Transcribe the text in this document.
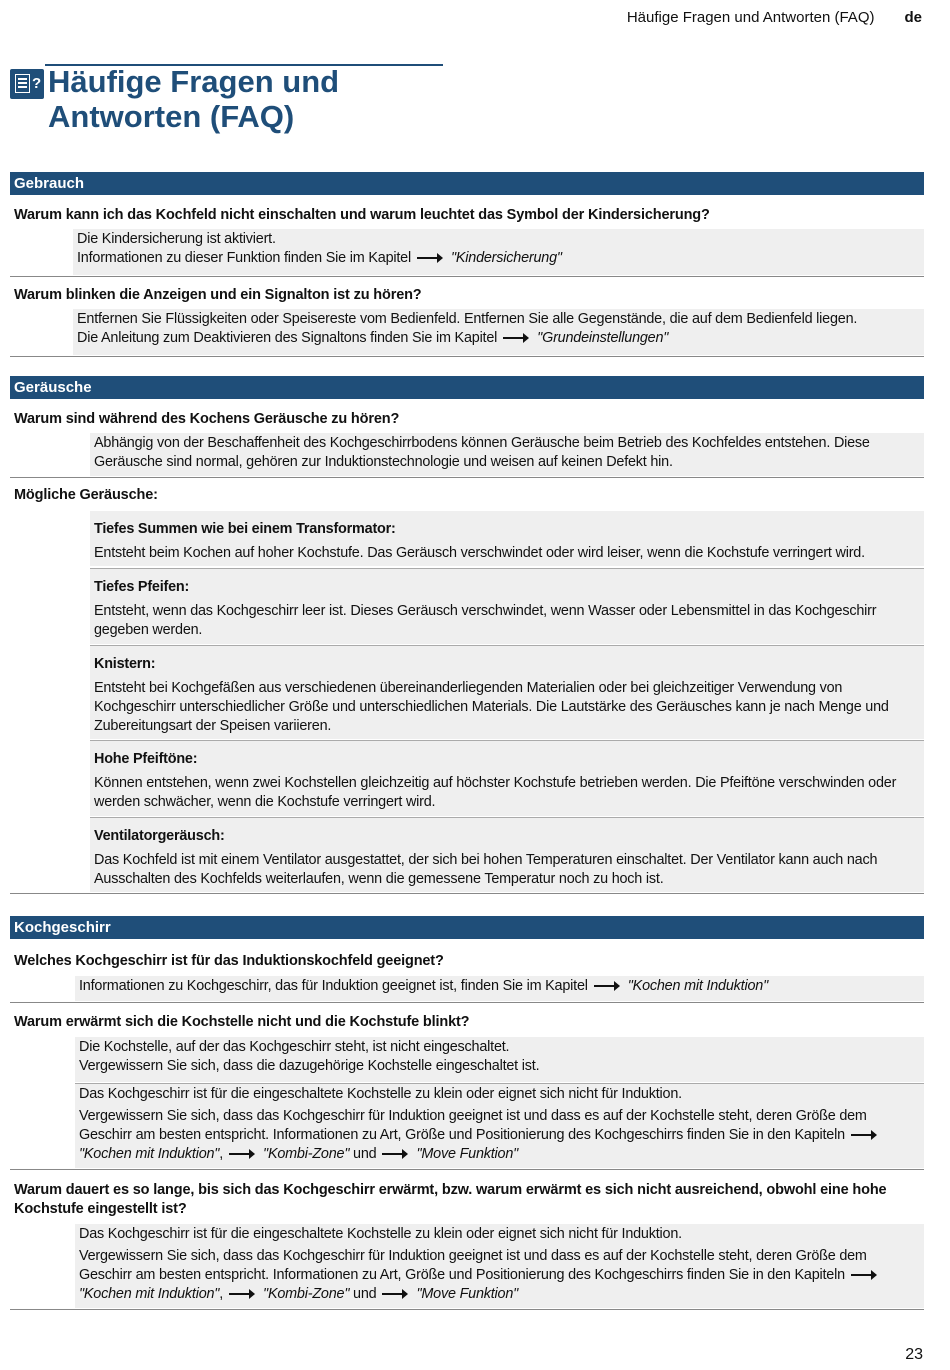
Häufige Fragen und Antworten (FAQ) de
? Häufige Fragen und
Antworten (FAQ)
Gebrauch
Warum kann ich das Kochfeld nicht einschalten und warum leuchtet das Symbol der Kindersicherung?

Die Kindersicherung ist aktiviert.

Informationen zu dieser Funktion finden Sie im Kapitel	"Kindersicherung"

Warum blinken die Anzeigen und ein Signalton ist zu hören?

Entfernen Sie Flüssigkeiten oder Speisereste vom Bedienfeld. Entfernen Sie alle Gegenstände, die auf dem Bedienfeld liegen.

Die Anleitung zum Deaktivieren des Signaltons finden Sie im Kapitel	"Grundeinstellungen"

Geräusche
Warum sind während des Kochens Geräusche zu hören?

Abhängig von der Beschaffenheit des Kochgeschirrbodens können Geräusche beim Betrieb des Kochfeldes entstehen. Diese Geräusche sind normal, gehören zur Induktionstechnologie und weisen auf keinen Defekt hin.

Mögliche Geräusche:

Tiefes Summen wie bei einem Transformator:

Entsteht beim Kochen auf hoher Kochstufe. Das Geräusch verschwindet oder wird leiser, wenn die Kochstufe verringert wird.

Tiefes Pfeifen:

Entsteht, wenn das Kochgeschirr leer ist. Dieses Geräusch verschwindet, wenn Wasser oder Lebensmittel in das Kochgeschirr gegeben werden.

Knistern:

Entsteht bei Kochgefäßen aus verschiedenen übereinanderliegenden Materialien oder bei gleichzeitiger Verwendung von Kochgeschirr unterschiedlicher Größe und unterschiedlichen Materials. Die Lautstärke des Geräusches kann je nach Menge und Zubereitungsart der Speisen variieren.

Hohe Pfeiftöne:

Können entstehen, wenn zwei Kochstellen gleichzeitig auf höchster Kochstufe betrieben werden. Die Pfeiftöne verschwinden oder werden schwächer, wenn die Kochstufe verringert wird.

Ventilatorgeräusch:

Das Kochfeld ist mit einem Ventilator ausgestattet, der sich bei hohen Temperaturen einschaltet. Der Ventilator kann auch nach Ausschalten des Kochfelds weiterlaufen, wenn die gemessene Temperatur noch zu hoch ist.

Kochgeschirr
Welches Kochgeschirr ist für das Induktionskochfeld geeignet?

Informationen zu Kochgeschirr, das für Induktion geeignet ist, finden Sie im Kapitel	"Kochen mit Induktion"

Warum erwärmt sich die Kochstelle nicht und die Kochstufe blinkt?

Die Kochstelle, auf der das Kochgeschirr steht, ist nicht eingeschaltet.

Vergewissern Sie sich, dass die dazugehörige Kochstelle eingeschaltet ist.

Das Kochgeschirr ist für die eingeschaltete Kochstelle zu klein oder eignet sich nicht für Induktion.

Vergewissern Sie sich, dass das Kochgeschirr für Induktion geeignet ist und dass es auf der Kochstelle steht, deren Größe dem Geschirr am besten entspricht. Informationen zu Art, Größe und Positionierung des Kochgeschirrs finden Sie in den Kapiteln"Kochen mit Induktion",	"Kombi-Zone" und	"Move Funktion"

Warum dauert es so lange, bis sich das Kochgeschirr erwärmt, bzw. warum erwärmt es sich nicht ausreichend, obwohl eine hohe Kochstufe eingestellt ist?

Das Kochgeschirr ist für die eingeschaltete Kochstelle zu klein oder eignet sich nicht für Induktion.

Vergewissern Sie sich, dass das Kochgeschirr für Induktion geeignet ist und dass es auf der Kochstelle steht, deren Größe dem Geschirr am besten entspricht. Informationen zu Art, Größe und Positionierung des Kochgeschirrs finden Sie in den Kapiteln"Kochen mit Induktion",	"Kombi-Zone" und	"Move Funktion"

23
